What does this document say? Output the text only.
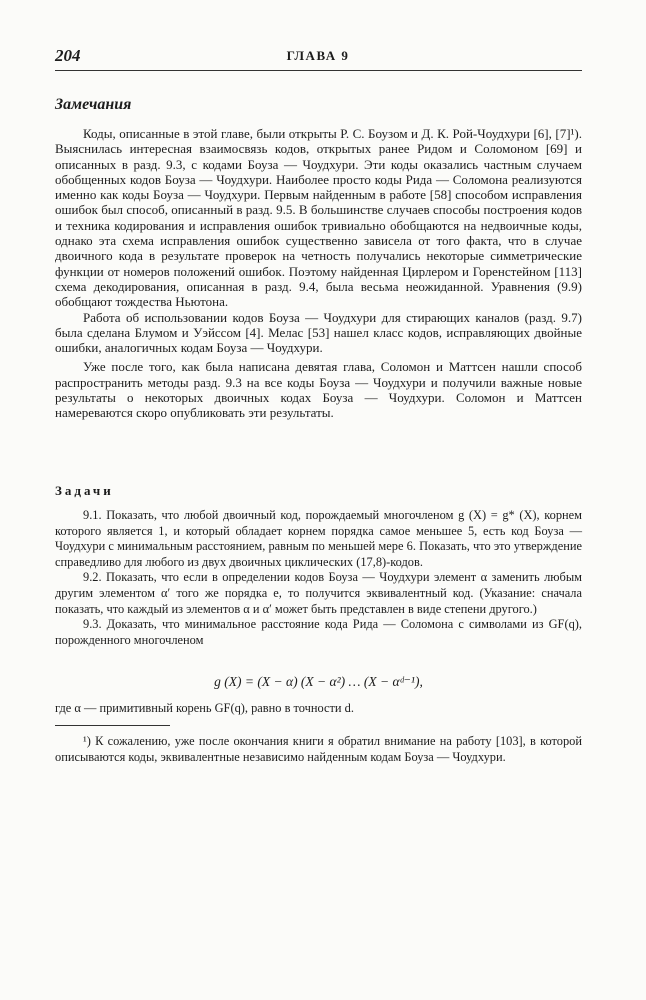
204	ГЛАВА 9
Замечания

Коды, описанные в этой главе, были открыты Р. С. Боузом и Д. К. Рой-Чоудхури [6], [7]¹). Выяснилась интересная взаимосвязь кодов, открытых ранее Ридом и Соломоном [69] и описанных в разд. 9.3, с кодами Боуза — Чоудхури. Эти коды оказались частным случаем обобщенных кодов Боуза — Чоудхури. Наиболее просто коды Рида — Соломона реализуются именно как коды Боуза — Чоудхури. Первым найденным в работе [58] способом исправления ошибок был способ, описанный в разд. 9.5. В большинстве случаев способы построения кодов и техника кодирования и исправления ошибок тривиально обобщаются на недвоичные коды, однако эта схема исправления ошибок существенно зависела от того факта, что в случае двоичного кода в результате проверок на четность получались некоторые симметрические функции от номеров положений ошибок. Поэтому найденная Цирлером и Горенстейном [113] схема декодирования, описанная в разд. 9.4, была весьма неожиданной. Уравнения (9.9) обобщают тождества Ньютона.

Работа об использовании кодов Боуза — Чоудхури для стирающих каналов (разд. 9.7) была сделана Блумом и Уэйссом [4]. Мелас [53] нашел класс кодов, исправляющих двойные ошибки, аналогичных кодам Боуза — Чоудхури.

Уже после того, как была написана девятая глава, Соломон и Маттсен нашли способ распространить методы разд. 9.3 на все коды Боуза — Чоудхури и получили важные новые результаты о некоторых двоичных кодах Боуза — Чоудхури. Соломон и Маттсен намереваются скоро опубликовать эти результаты.

Задачи

9.1. Показать, что любой двоичный код, порождаемый многочленом g (X) = g* (X), корнем которого является 1, и который обладает корнем порядка самое меньшее 5, есть код Боуза — Чоудхури с минимальным расстоянием, равным по меньшей мере 6. Показать, что это утверждение справедливо для любого из двух двоичных циклических (17,8)-кодов.

9.2. Показать, что если в определении кодов Боуза — Чоудхури элемент α заменить любым другим элементом α′ того же порядка e, то получится эквивалентный код. (Указание: сначала показать, что каждый из элементов α и α′ может быть представлен в виде степени другого.)

9.3. Доказать, что минимальное расстояние кода Рида — Соломона с символами из GF(q), порожденного многочленом

g (X) = (X − α) (X − α²) … (X − αᵈ⁻¹),

где α — примитивный корень GF(q), равно в точности d.

¹) К сожалению, уже после окончания книги я обратил внимание на работу [103], в которой описываются коды, эквивалентные независимо найденным кодам Боуза — Чоудхури.
